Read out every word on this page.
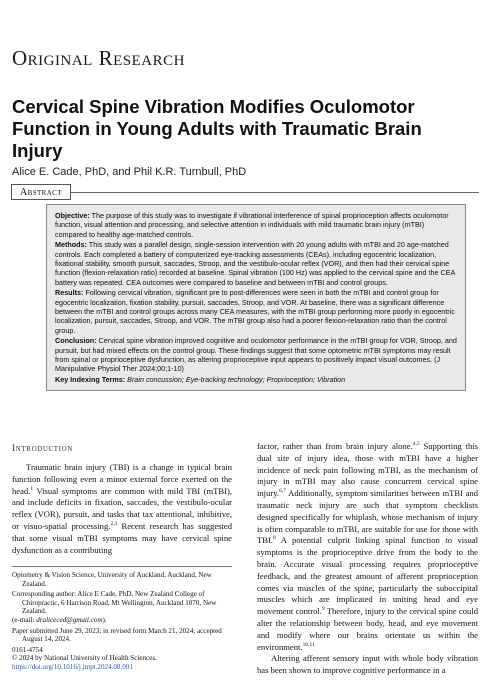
Original Research
Cervical Spine Vibration Modifies Oculomotor Function in Young Adults with Traumatic Brain Injury
Alice E. Cade, PhD, and Phil K.R. Turnbull, PhD
Abstract

Objective: The purpose of this study was to investigate if vibrational interference of spinal proprioception affects oculomotor function, visual attention and processing, and selective attention in individuals with mild traumatic brain injury (mTBI) compared to healthy age-matched controls.

Methods: This study was a parallel design, single-session intervention with 20 young adults with mTBI and 20 age-matched controls. Each completed a battery of computerized eye-tracking assessments (CEAs), including egocentric localization, fixational stability, smooth pursuit, saccades, Stroop, and the vestibulo-ocular reflex (VOR), and then had their cervical spine function (flexion-relaxation ratio) recorded at baseline. Spinal vibration (100 Hz) was applied to the cervical spine and the CEA battery was repeated. CEA outcomes were compared to baseline and between mTBI and control groups.

Results: Following cervical vibration, significant pre to post-differences were seen in both the mTBI and control group for egocentric localization, fixation stability, pursuit, saccades, Stroop, and VOR. At baseline, there was a significant difference between the mTBI and control groups across many CEA measures, with the mTBI group performing more poorly in egocentric localization, pursuit, saccades, Stroop, and VOR. The mTBI group also had a poorer flexion-relaxation ratio than the control group.

Conclusion: Cervical spine vibration improved cognitive and oculomotor performance in the mTBI group for VOR, Stroop, and pursuit, but had mixed effects on the control group. These findings suggest that some optometric mTBI symptoms may result from spinal or proprioceptive dysfunction, as altering proprioceptive input appears to positively impact visual outcomes. (J Manipulative Physiol Ther 2024;00;1-10)

Key Indexing Terms: Brain concussion; Eye-tracking technology; Proprioception; Vibration

Introduction

Traumatic brain injury (TBI) is a change in typical brain function following even a minor external force exerted on the head.$^1$ Visual symptoms are common with mild TBI (mTBI), and include deficits in fixation, saccades, the vestibulo-ocular reflex (VOR), pursuit, and tasks that tax attentional, inhibitive, or visuo-spatial processing.$^{2,3}$ Recent research has suggested that some visual mTBI symptoms may have cervical spine dysfunction as a contributing

Optometry & Vision Science, University of Auckland, Auckland, New Zealand.

Corresponding author: Alice E Cade, PhD, New Zealand College of Chiropractic, 6 Harrison Road, Mt Wellington, Auckland 1070, New Zealand.

(e-mail: draliceced@gmail.com).

Paper submitted June 29, 2023; in revised form March 21, 2024; accepted August 14, 2024.

0161-4754

© 2024 by National University of Health Sciences.

https://doi.org/10.1016/j.jmpt.2024.08.001

factor, rather than from brain injury alone.$^{4,5}$ Supporting this dual site of injury idea, those with mTBI have a higher incidence of neck pain following mTBI, as the mechanism of injury in mTBI may also cause concurrent cervical spine injury.$^{6,7}$ Additionally, symptom similarities between mTBI and traumatic neck injury are such that symptom checklists designed specifically for whiplash, whose mechanism of injury is often comparable to mTBI, are suitable for use for those with TBI.$^8$ A potential culprit linking spinal function to visual symptoms is the proprioceptive drive from the body to the brain. Accurate visual processing requires proprioceptive feedback, and the greatest amount of afferent proprioception comes via muscles of the spine, particularly the suboccipital muscles which are implicated in uniting head and eye movement control.$^9$ Therefore, injury to the cervical spine could alter the relationship between body, head, and eye movement and modify where our brains orientate us within the environment.$^{10,11}$

Altering afferent sensory input with whole body vibration has been shown to improve cognitive performance in a
